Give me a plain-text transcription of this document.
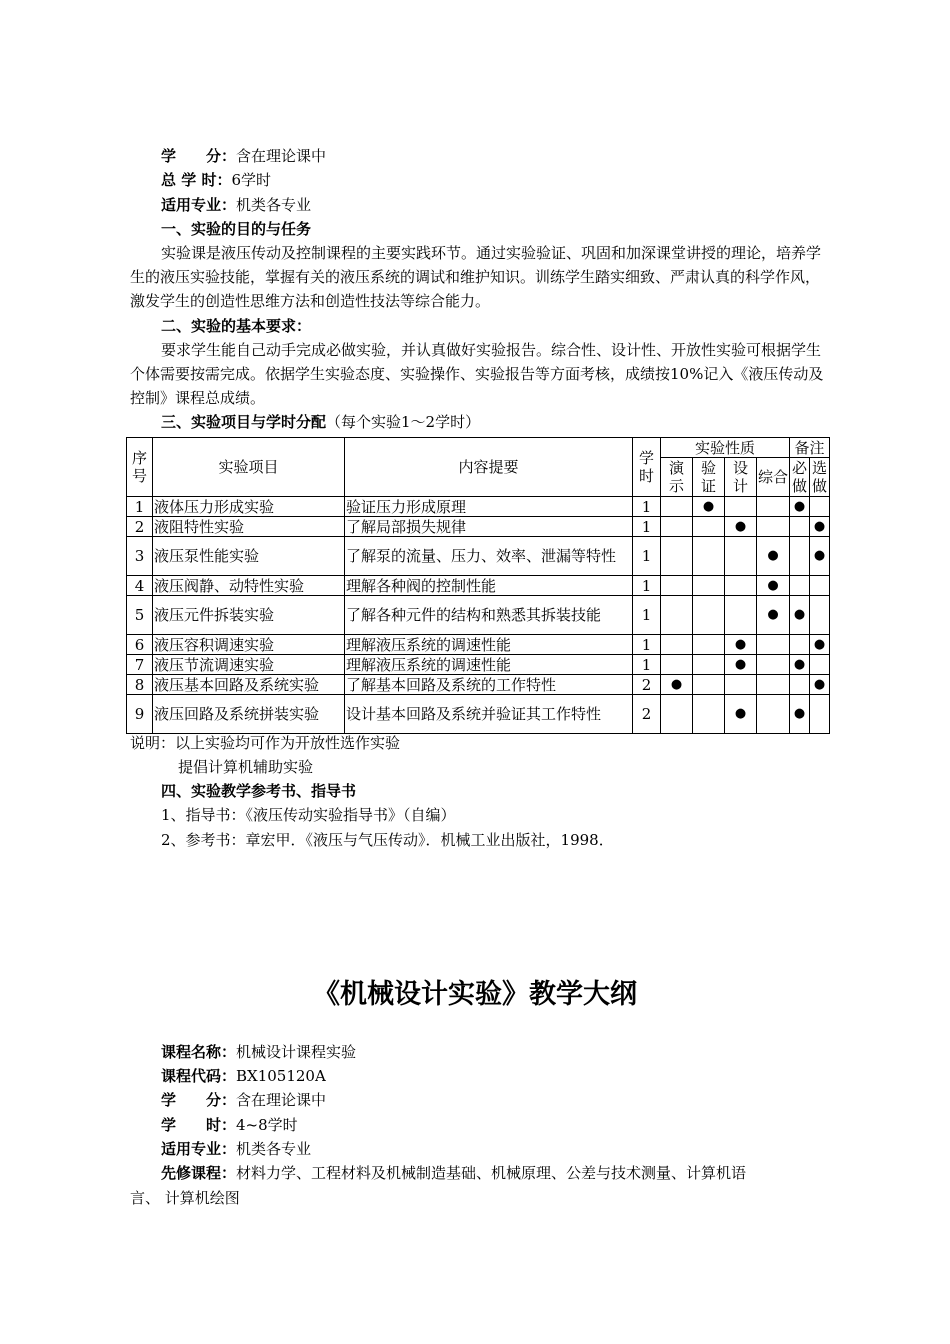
学　　分：含在理论课中
总 学 时：6学时
适用专业：机类各专业
一、实验的目的与任务
实验课是液压传动及控制课程的主要实践环节。通过实验验证、巩固和加深课堂讲授的理论，培养学生的液压实验技能，掌握有关的液压系统的调试和维护知识。训练学生踏实细致、严肃认真的科学作风，激发学生的创造性思维方法和创造性技法等综合能力。
二、实验的基本要求：
要求学生能自己动手完成必做实验，并认真做好实验报告。综合性、设计性、开放性实验可根据学生个体需要按需完成。依据学生实验态度、实验操作、实验报告等方面考核，成绩按10%记入《液压传动及控制》课程总成绩。
三、实验项目与学时分配（每个实验1～2学时）
序号	实验项目	内容提要	学时	实验性质				备注	
				演示	验证	设计	综合	必做	选做
1	液体压力形成实验	验证压力形成原理	1		●			●	
2	液阻特性实验	了解局部损失规律	1			●			●
3	液压泵性能实验	了解泵的流量、压力、效率、泄漏等特性	1				●		●
4	液压阀静、动特性实验	理解各种阀的控制性能	1				●		
5	液压元件拆装实验	了解各种元件的结构和熟悉其拆装技能	1				●	●	
6	液压容积调速实验	理解液压系统的调速性能	1			●			●
7	液压节流调速实验	理解液压系统的调速性能	1			●		●	
8	液压基本回路及系统实验	了解基本回路及系统的工作特性	2	●					●
9	液压回路及系统拼装实验	设计基本回路及系统并验证其工作特性	2			●		●	
说明：以上实验均可作为开放性选作实验
提倡计算机辅助实验
四、实验教学参考书、指导书
1、指导书：《液压传动实验指导书》（自编）
2、参考书：章宏甲．《液压与气压传动》．机械工业出版社，1998．
《机械设计实验》教学大纲
课程名称：机械设计课程实验
课程代码：BX105120A
学　　分：含在理论课中
学　　时：4~8学时
适用专业：机类各专业
先修课程：材料力学、工程材料及机械制造基础、机械原理、公差与技术测量、计算机语
言、 计算机绘图
